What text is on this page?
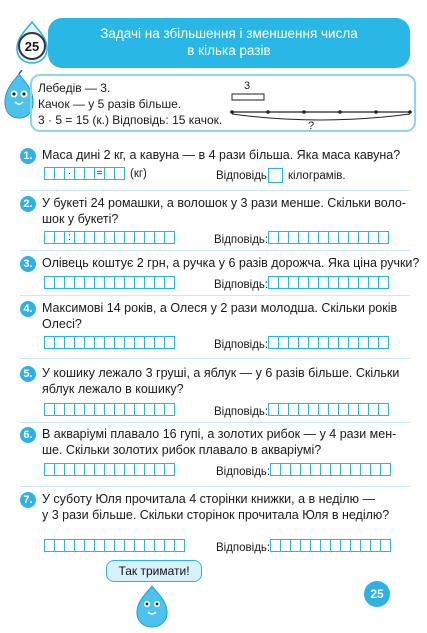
Задачі на збільшення і зменшення числа
в кілька разів
25
Лебедів — 3.
Качок — у 5 разів більше.
3 · 5 = 15 (к.) Відповідь: 15 качок.
3
?
1. Маса дині 2 кг, а кавуна — в 4 рази більша. Яка маса кавуна?
·	= (кг)	Відповідь: кілограмів.
2. У букеті 24 ромашки, а волошок у 3 рази менше. Скільки воло-
шок у букеті?
:	Відповідь:
3. Олівець коштує 2 грн, а ручка у 6 разів дорожча. Яка ціна ручки?
Відповідь:
4. Максимові 14 років, а Олеся у 2 рази молодша. Скільки років
Олесі?
Відповідь:
5. У кошику лежало 3 груші, а яблук — у 6 разів більше. Скільки
яблук лежало в кошику?
Відповідь:
6. В акваріумі плавало 16 гупі, а золотих рибок — у 4 рази мен-
ше. Скільки золотих рибок плавало в акваріумі?
Відповідь:
7. У суботу Юля прочитала 4 сторінки книжки, а в неділю —
у 3 рази більше. Скільки сторінок прочитала Юля в неділю?
Відповідь:
Так тримати!
25
